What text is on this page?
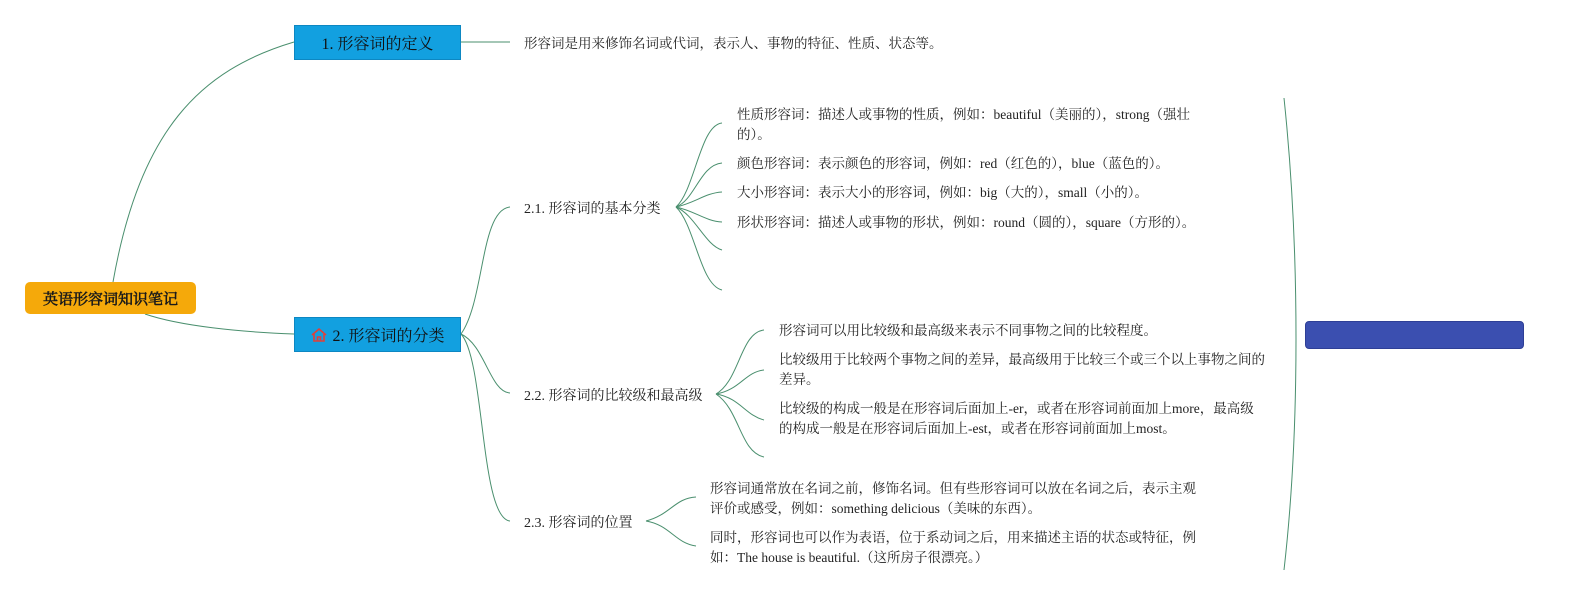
英语形容词知识笔记
1. 形容词的定义	形容词是用来修饰名词或代词，表示人、事物的特征、性质、状态等。
2. 形容词的分类
2.1. 形容词的基本分类
性质形容词：描述人或事物的性质，例如：beautiful（美丽的），strong（强壮的）。
颜色形容词：表示颜色的形容词，例如：red（红色的），blue（蓝色的）。
大小形容词：表示大小的形容词，例如：big（大的），small（小的）。
形状形容词：描述人或事物的形状，例如：round（圆的），square（方形的）。
2.2. 形容词的比较级和最高级
形容词可以用比较级和最高级来表示不同事物之间的比较程度。
比较级用于比较两个事物之间的差异，最高级用于比较三个或三个以上事物之间的差异。
比较级的构成一般是在形容词后面加上-er，或者在形容词前面加上more，最高级的构成一般是在形容词后面加上-est，或者在形容词前面加上most。
2.3. 形容词的位置
形容词通常放在名词之前，修饰名词。但有些形容词可以放在名词之后，表示主观评价或感受，例如：something delicious（美味的东西）。
同时，形容词也可以作为表语，位于系动词之后，用来描述主语的状态或特征，例如：The house is beautiful.（这所房子很漂亮。）
